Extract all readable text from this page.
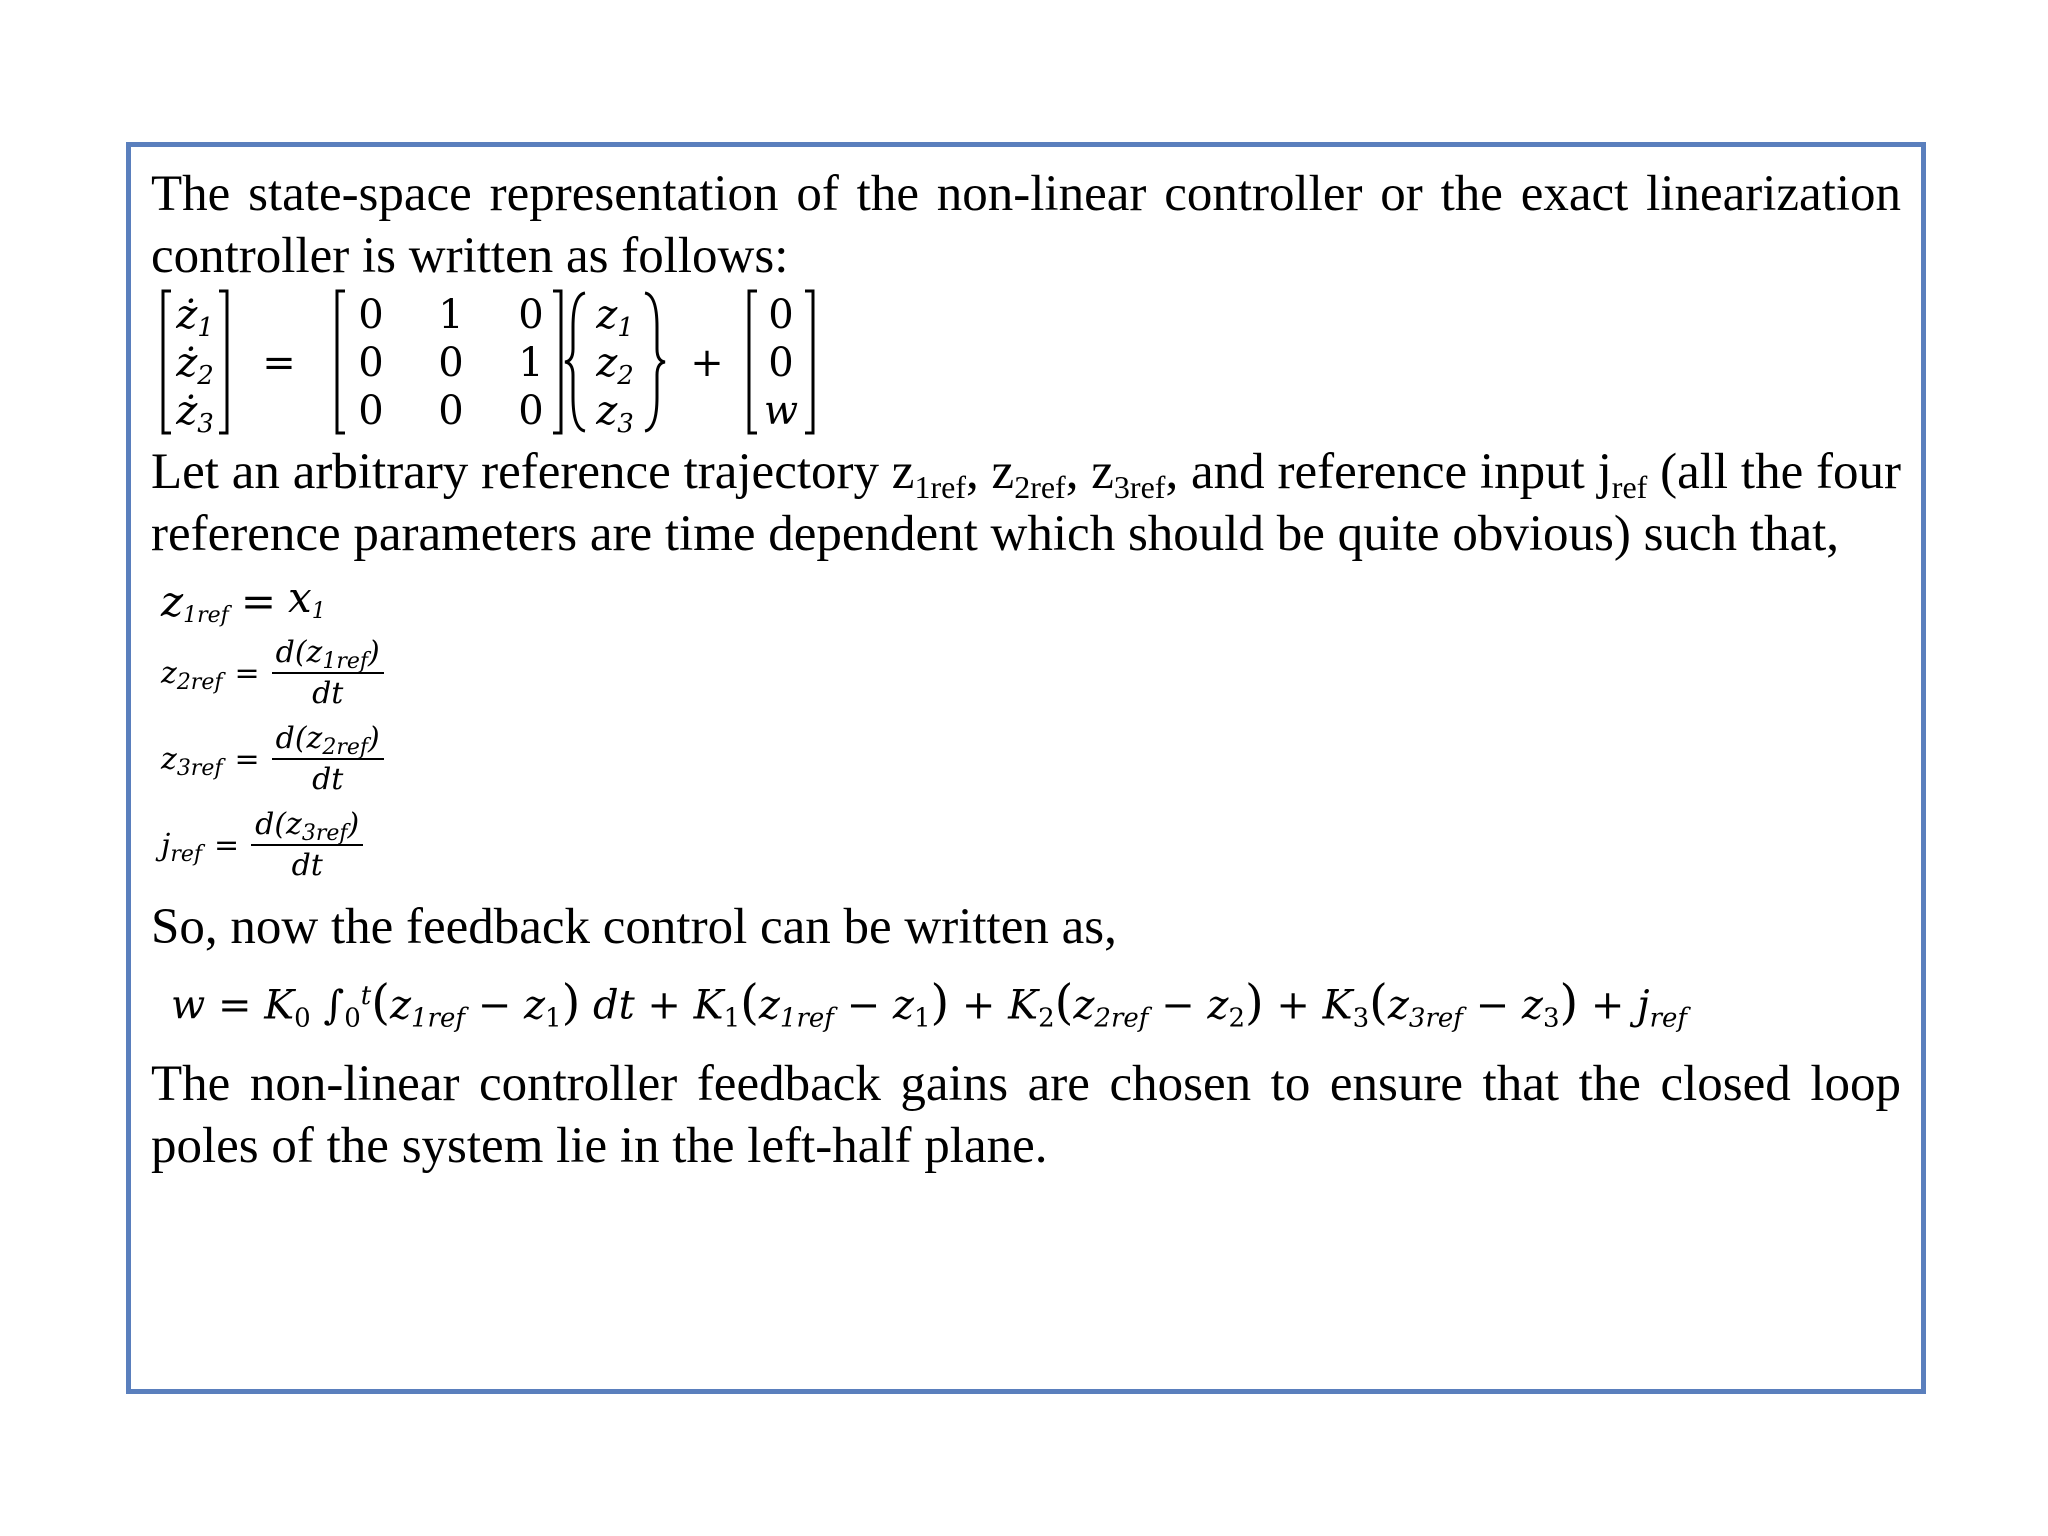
The state-space representation of the non-linear controller or the exact linearization controller is written as follows:

$ż_1$
$ż_2$
$ż_3$
=
0 1 0
0 0 1
0 0 0
$z_1$
$z_2$
$z_3$
+
0
0
w

Let an arbitrary reference trajectory $z_{1ref}$, $z_{2ref}$, $z_{3ref}$, and reference input $j_{ref}$ (all the four reference parameters are time dependent which should be quite obvious) such that,

$z_{1ref} = x_1$
$z_{2ref} = \frac{d(z_{1ref})}{dt}$
$z_{3ref} = \frac{d(z_{2ref})}{dt}$
$j_{ref} = \frac{d(z_{3ref})}{dt}$

So, now the feedback control can be written as,

$w = K_0$ $\int_0^t(z_{1ref} - z_1)$ dt + $K_1(z_{1ref} - z_1) + K_2(z_{2ref} - z_2) + K_3(z_{3ref} - z_3) + j_{ref}$

The non-linear controller feedback gains are chosen to ensure that the closed loop poles of the system lie in the left-half plane.
